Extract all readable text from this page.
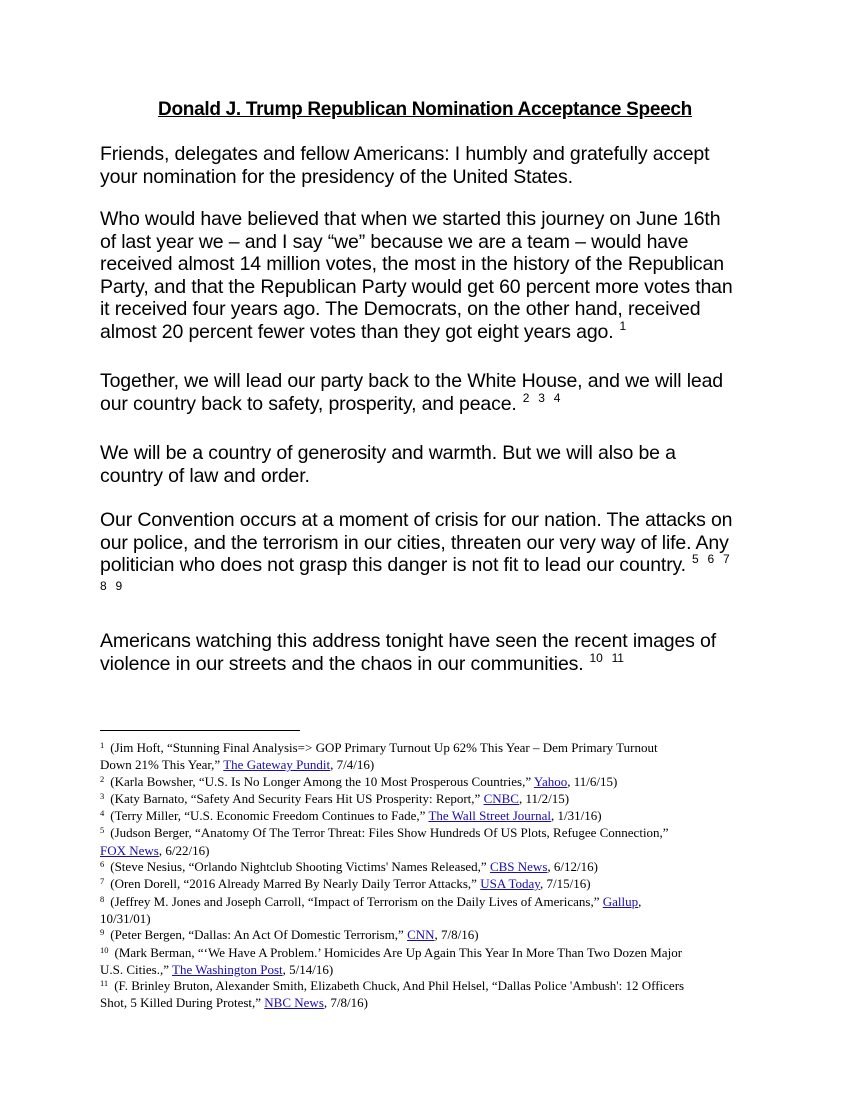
Donald J. Trump Republican Nomination Acceptance Speech
Friends, delegates and fellow Americans: I humbly and gratefully accept
your nomination for the presidency of the United States.
Who would have believed that when we started this journey on June 16th
of last year we – and I say “we” because we are a team – would have
received almost 14 million votes, the most in the history of the Republican
Party, and that the Republican Party would get 60 percent more votes than
it received four years ago. The Democrats, on the other hand, received
almost 20 percent fewer votes than they got eight years ago. $^1$
Together, we will lead our party back to the White House, and we will lead
our country back to safety, prosperity, and peace. $^{2 3 4}$
We will be a country of generosity and warmth. But we will also be a
country of law and order.
Our Convention occurs at a moment of crisis for our nation. The attacks on
our police, and the terrorism in our cities, threaten our very way of life. Any
politician who does not grasp this danger is not fit to lead our country. $^{5 6 7}$
8 9
Americans watching this address tonight have seen the recent images of
violence in our streets and the chaos in our communities. $^{10 11}$
$^1$ (Jim Hoft, “Stunning Final Analysis=> GOP Primary Turnout Up 62% This Year – Dem Primary Turnout
Down 21% This Year,” The Gateway Pundit, 7/4/16)
$^2$ (Karla Bowsher, “U.S. Is No Longer Among the 10 Most Prosperous Countries,” Yahoo, 11/6/15)
$^3$ (Katy Barnato, “Safety And Security Fears Hit US Prosperity: Report,” CNBC, 11/2/15)
$^4$ (Terry Miller, “U.S. Economic Freedom Continues to Fade,” The Wall Street Journal, 1/31/16)
$^5$ (Judson Berger, “Anatomy Of The Terror Threat: Files Show Hundreds Of US Plots, Refugee Connection,”
FOX News, 6/22/16)
$^6$ (Steve Nesius, “Orlando Nightclub Shooting Victims' Names Released,” CBS News, 6/12/16)
$^7$ (Oren Dorell, “2016 Already Marred By Nearly Daily Terror Attacks,” USA Today, 7/15/16)
$^8$ (Jeffrey M. Jones and Joseph Carroll, “Impact of Terrorism on the Daily Lives of Americans,” Gallup,
10/31/01)
$^9$ (Peter Bergen, “Dallas: An Act Of Domestic Terrorism,” CNN, 7/8/16)
$^{10}$ (Mark Berman, “‘We Have A Problem.’ Homicides Are Up Again This Year In More Than Two Dozen Major
U.S. Cities.,” The Washington Post, 5/14/16)
$^{11}$ (F. Brinley Bruton, Alexander Smith, Elizabeth Chuck, And Phil Helsel, “Dallas Police 'Ambush': 12 Officers
Shot, 5 Killed During Protest,” NBC News, 7/8/16)
